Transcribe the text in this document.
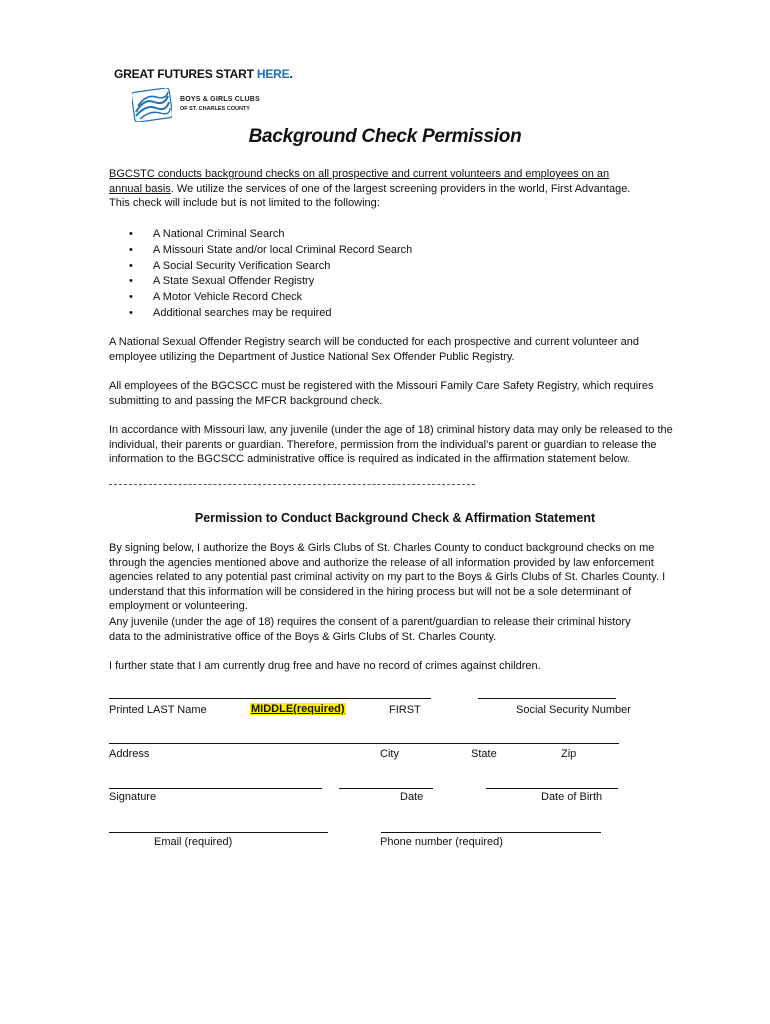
GREAT FUTURES START HERE.
BOYS & GIRLS CLUBS
OF ST. CHARLES COUNTY
Background Check Permission
BGCSTC conducts background checks on all prospective and current volunteers and employees on an
annual basis. We utilize the services of one of the largest screening providers in the world, First Advantage.
This check will include but is not limited to the following:
• A National Criminal Search
• A Missouri State and/or local Criminal Record Search
• A Social Security Verification Search
• A State Sexual Offender Registry
• A Motor Vehicle Record Check
• Additional searches may be required
A National Sexual Offender Registry search will be conducted for each prospective and current volunteer and employee utilizing the Department of Justice National Sex Offender Public Registry.
All employees of the BGCSCC must be registered with the Missouri Family Care Safety Registry, which requires submitting to and passing the MFCR background check.
In accordance with Missouri law, any juvenile (under the age of 18) criminal history data may only be released to the individual, their parents or guardian. Therefore, permission from the individual’s parent or guardian to release the information to the BGCSCC administrative office is required as indicated in the affirmation statement below.
Permission to Conduct Background Check & Affirmation Statement
By signing below, I authorize the Boys & Girls Clubs of St. Charles County to conduct background checks on me through the agencies mentioned above and authorize the release of all information provided by law enforcement agencies related to any potential past criminal activity on my part to the Boys & Girls Clubs of St. Charles County. I understand that this information will be considered in the hiring process but will not be a sole determinant of employment or volunteering.
Any juvenile (under the age of 18) requires the consent of a parent/guardian to release their criminal history data to the administrative office of the Boys & Girls Clubs of St. Charles County.
I further state that I am currently drug free and have no record of crimes against children.
Printed LAST Name	MIDDLE(required)	FIRST	Social Security Number
Address	City	State	Zip
Signature	Date	Date of Birth
Email (required)	Phone number (required)
